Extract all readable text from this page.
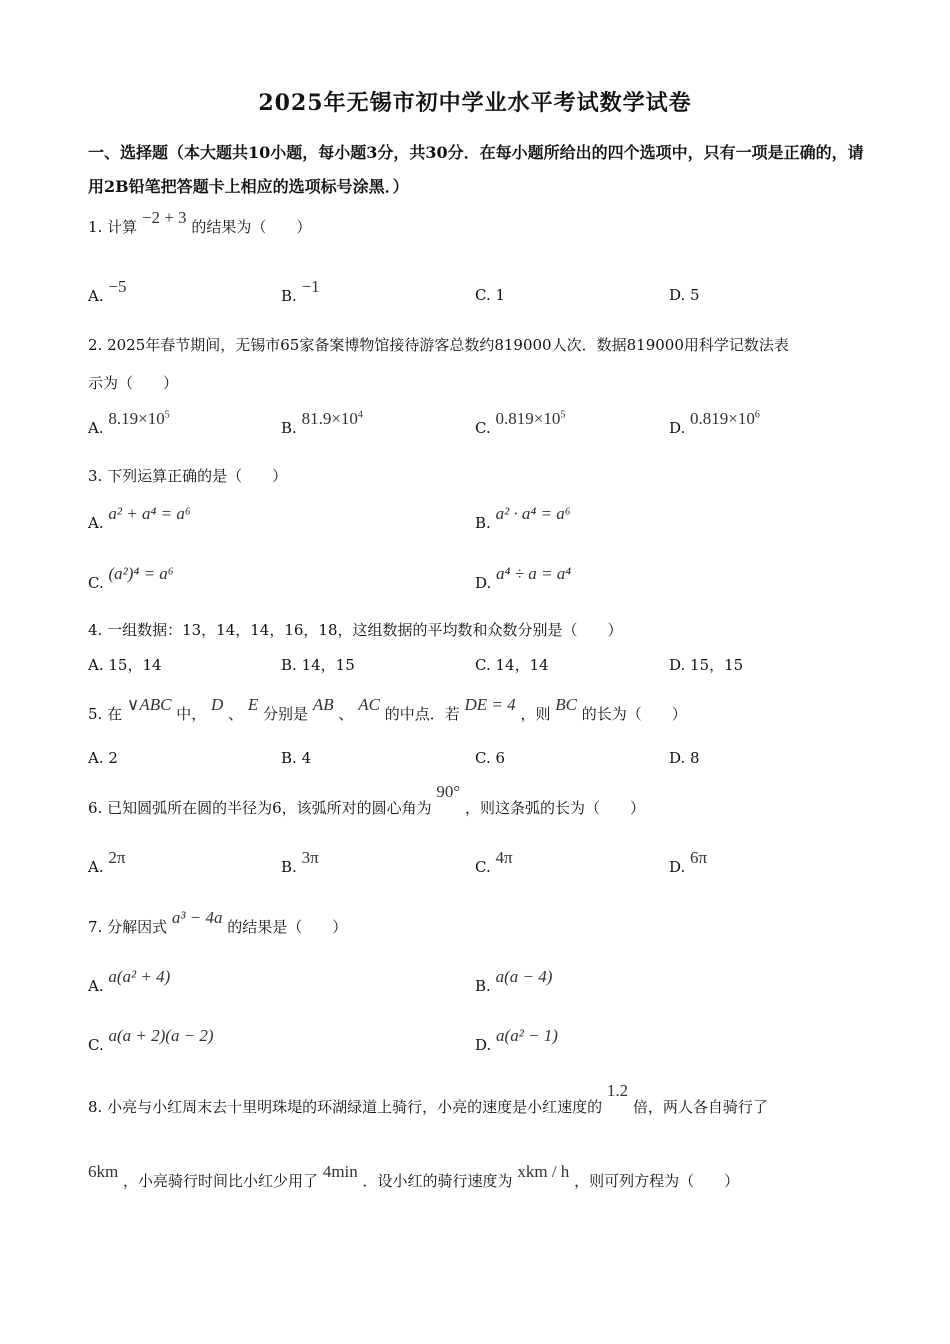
2025年无锡市初中学业水平考试数学试卷
一、选择题（本大题共10小题，每小题3分，共30分．在每小题所给出的四个选项中，只有一项是正确的，请用2B铅笔把答题卡上相应的选项标号涂黑．）
1. 计算 −2 + 3 的结果为（　　）
A. −5	B. −1	C. 1	D. 5
2. 2025年春节期间，无锡市65家备案博物馆接待游客总数约819000人次．数据819000用科学记数法表
示为（　　）
A. $8.19\times 10^5$
B. $81.9\times 10^4$
C. $0.819\times 10^5$
D. $0.819\times 10^6$
3. 下列运算正确的是（　　）
A. a² + a⁴ = a⁶	B. a² · a⁴ = a⁶
C. (a²)⁴ = a⁶	D. a⁴ ÷ a = a⁴
4. 一组数据：13，14，14，16，18，这组数据的平均数和众数分别是（　　）
A. 15，14	B. 14，15	C. 14，14	D. 15，15
5. 在 ∨ABC 中， D 、 E 分别是 AB 、 AC 的中点．若 DE = 4 ，则 BC 的长为（　　）
A. 2	B. 4	C. 6	D. 8
6. 已知圆弧所在圆的半径为6，该弧所对的圆心角为 90° ，则这条弧的长为（　　）
A. 2π	B. 3π	C. 4π	D. 6π
7. 分解因式 a³ − 4a 的结果是（　　）
A. a(a² + 4)	B. a(a − 4)
C. a(a + 2)(a − 2)	D. a(a² − 1)
8. 小亮与小红周末去十里明珠堤的环湖绿道上骑行，小亮的速度是小红速度的 1.2 倍，两人各自骑行了
6km ，小亮骑行时间比小红少用了 4min ．设小红的骑行速度为 xkm / h ，则可列方程为（　　）
